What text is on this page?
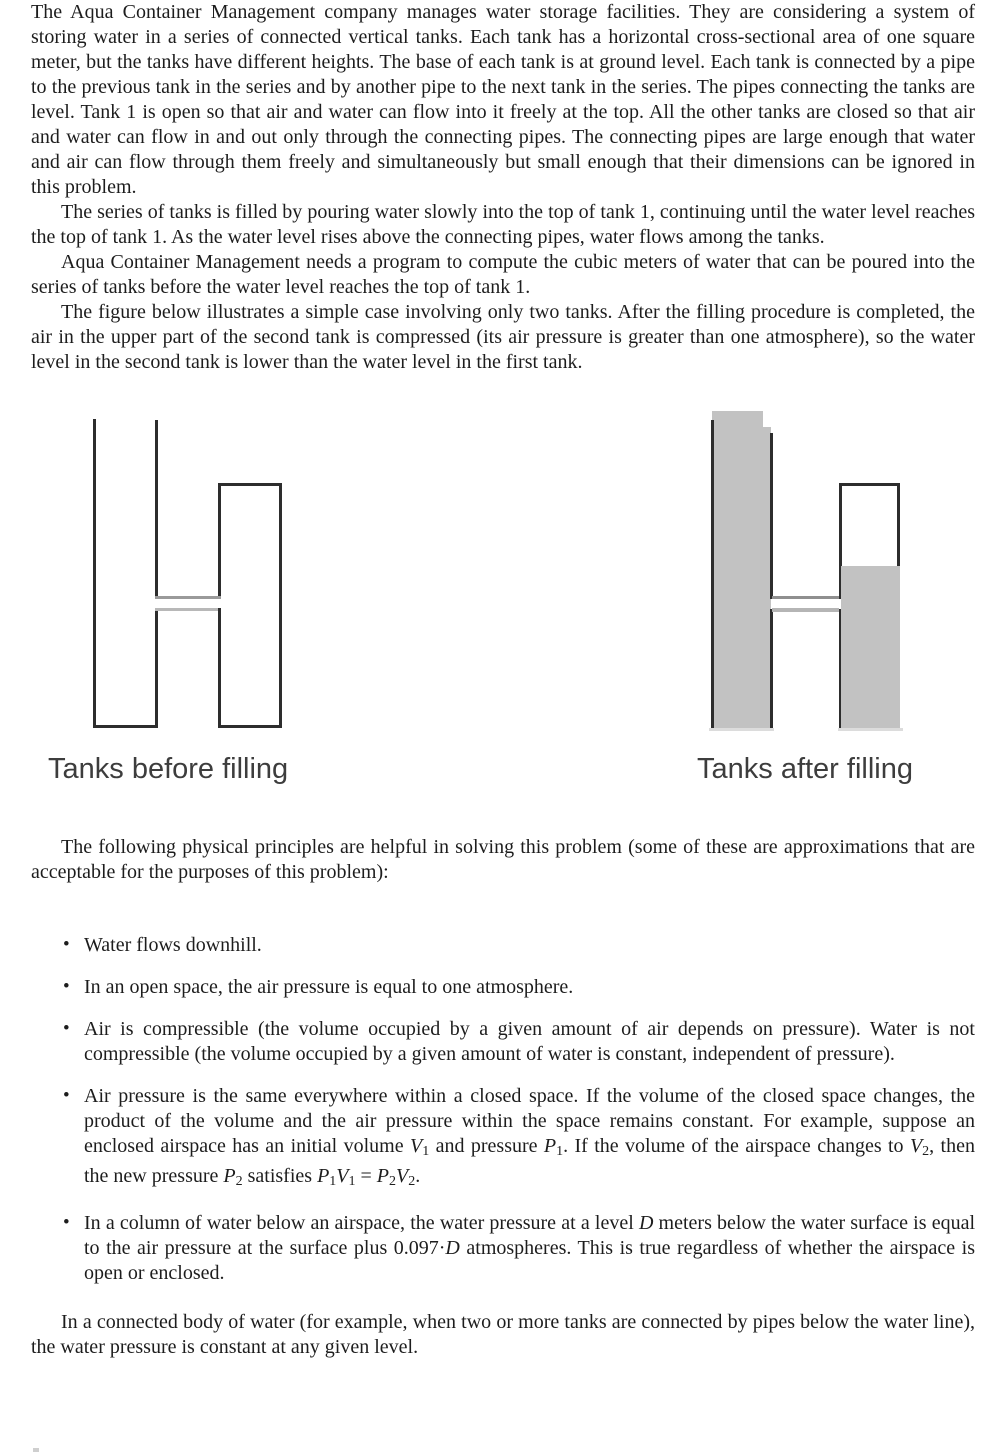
The Aqua Container Management company manages water storage facilities. They are considering a system of storing water in a series of connected vertical tanks. Each tank has a horizontal cross-sectional area of one square meter, but the tanks have different heights. The base of each tank is at ground level. Each tank is connected by a pipe to the previous tank in the series and by another pipe to the next tank in the series. The pipes connecting the tanks are level. Tank 1 is open so that air and water can flow into it freely at the top. All the other tanks are closed so that air and water can flow in and out only through the connecting pipes. The connecting pipes are large enough that water and air can flow through them freely and simultaneously but small enough that their dimensions can be ignored in this problem.

The series of tanks is filled by pouring water slowly into the top of tank 1, continuing until the water level reaches the top of tank 1. As the water level rises above the connecting pipes, water flows among the tanks.

Aqua Container Management needs a program to compute the cubic meters of water that can be poured into the series of tanks before the water level reaches the top of tank 1.

The figure below illustrates a simple case involving only two tanks. After the filling procedure is completed, the air in the upper part of the second tank is compressed (its air pressure is greater than one atmosphere), so the water level in the second tank is lower than the water level in the first tank.

Tanks before filling	Tanks after filling

The following physical principles are helpful in solving this problem (some of these are approximations that are acceptable for the purposes of this problem):

• Water flows downhill.
• In an open space, the air pressure is equal to one atmosphere.
• Air is compressible (the volume occupied by a given amount of air depends on pressure). Water is not compressible (the volume occupied by a given amount of water is constant, independent of pressure).
• Air pressure is the same everywhere within a closed space. If the volume of the closed space changes, the product of the volume and the air pressure within the space remains constant. For example, suppose an enclosed airspace has an initial volume V1 and pressure P1. If the volume of the airspace changes to V2, then the new pressure P2 satisfies P1V1 = P2V2.
• In a column of water below an airspace, the water pressure at a level D meters below the water surface is equal to the air pressure at the surface plus 0.097·D atmospheres. This is true regardless of whether the airspace is open or enclosed.

In a connected body of water (for example, when two or more tanks are connected by pipes below the water line), the water pressure is constant at any given level.
